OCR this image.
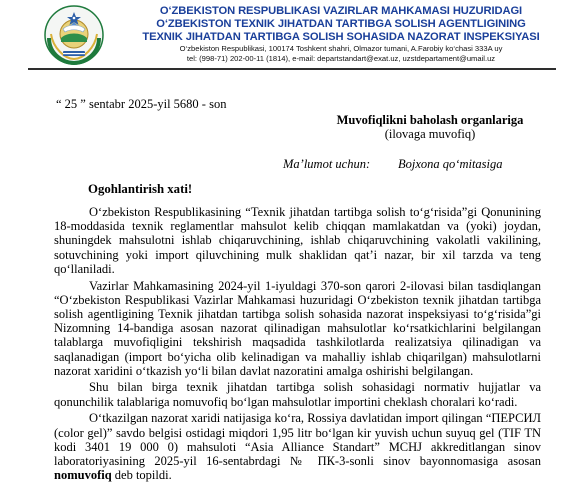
O‘ZBEKISTON RESPUBLIKASI VAZIRLAR MAHKAMASI HUZURIDAGI
O‘ZBEKISTON TEXNIK JIHATDAN TARTIBGA SOLISH AGENTLIGINING
TEXNIK JIHATDAN TARTIBGA SOLISH SOHASIDA NAZORAT INSPEKSIYASI
O‘zbekiston Respublikasi, 100174 Toshkent shahri, Olmazor tumani, A.Farobiy ko‘chasi 333A uy
tel: (998-71) 202-00-11 (1814), e-mail: departstandart@exat.uz, uzstdepartament@umail.uz
“ 25 ” sentabr 2025-yil 5680 - son
Muvofiqlikni baholash organlariga
(ilovaga muvofiq)
Ma’lumot uchun: Bojxona qo‘mitasiga
Ogohlantirish xati!

O‘zbekiston Respublikasining “Texnik jihatdan tartibga solish to‘g‘risida”gi Qonunining 18-moddasida texnik reglamentlar mahsulot kelib chiqqan mamlakatdan va (yoki) joydan, shuningdek mahsulotni ishlab chiqaruvchining, ishlab chiqaruvchining vakolatli vakilining, sotuvchining yoki import qiluvchining mulk shaklidan qat’i nazar, bir xil tarzda va teng qo‘llaniladi.

Vazirlar Mahkamasining 2024-yil 1-iyuldagi 370-son qarori 2-ilovasi bilan tasdiqlangan “O‘zbekiston Respublikasi Vazirlar Mahkamasi huzuridagi O‘zbekiston texnik jihatdan tartibga solish agentligining Texnik jihatdan tartibga solish sohasida nazorat inspeksiyasi to‘g‘risida”gi Nizomning 14-bandiga asosan nazorat qilinadigan mahsulotlar ko‘rsatkichlarini belgilangan talablarga muvofiqligini tekshirish maqsadida tashkilotlarda realizatsiya qilinadigan va saqlanadigan (import bo‘yicha olib kelinadigan va mahalliy ishlab chiqarilgan) mahsulotlarni nazorat xaridini o‘tkazish yo‘li bilan davlat nazoratini amalga oshirishi belgilangan.

Shu bilan birga texnik jihatdan tartibga solish sohasidagi normativ hujjatlar va qonunchilik talablariga nomuvofiq bo‘lgan mahsulotlar importini cheklash choralari ko‘radi.

O‘tkazilgan nazorat xaridi natijasiga ko‘ra, Rossiya davlatidan import qilingan “ПЕРСИЛ (color gel)” savdo belgisi ostidagi miqdori 1,95 litr bo‘lgan kir yuvish uchun suyuq gel (TIF TN kodi 3401 19 000 0) mahsuloti “Asia Alliance Standart” MCHJ akkreditlangan sinov laboratoriyasining 2025-yil 16-sentabrdagi № ПК-3-sonli sinov bayonnomasiga asosan nomuvofiq deb topildi.
